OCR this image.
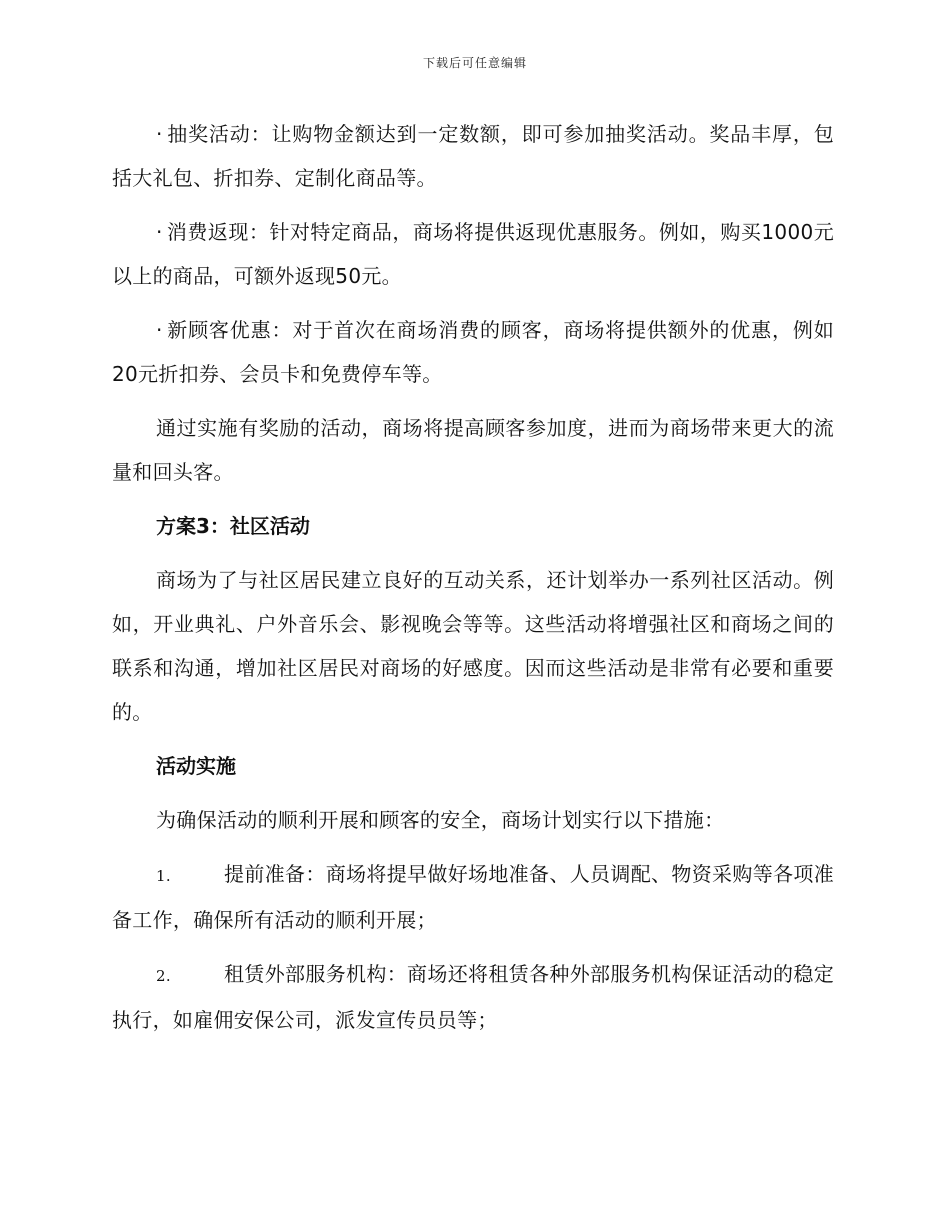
下载后可任意编辑

· 抽奖活动：让购物金额达到一定数额，即可参加抽奖活动。奖品丰厚，包括大礼包、折扣券、定制化商品等。

· 消费返现：针对特定商品，商场将提供返现优惠服务。例如，购买1000元以上的商品，可额外返现50元。

· 新顾客优惠：对于首次在商场消费的顾客，商场将提供额外的优惠，例如20元折扣券、会员卡和免费停车等。

通过实施有奖励的活动，商场将提高顾客参加度，进而为商场带来更大的流量和回头客。

方案3：社区活动

商场为了与社区居民建立良好的互动关系，还计划举办一系列社区活动。例如，开业典礼、户外音乐会、影视晚会等等。这些活动将增强社区和商场之间的联系和沟通，增加社区居民对商场的好感度。因而这些活动是非常有必要和重要的。

活动实施

为确保活动的顺利开展和顾客的安全，商场计划实行以下措施：

1.	提前准备：商场将提早做好场地准备、人员调配、物资采购等各项准备工作，确保所有活动的顺利开展；

2.	租赁外部服务机构：商场还将租赁各种外部服务机构保证活动的稳定执行，如雇佣安保公司，派发宣传员员等；
